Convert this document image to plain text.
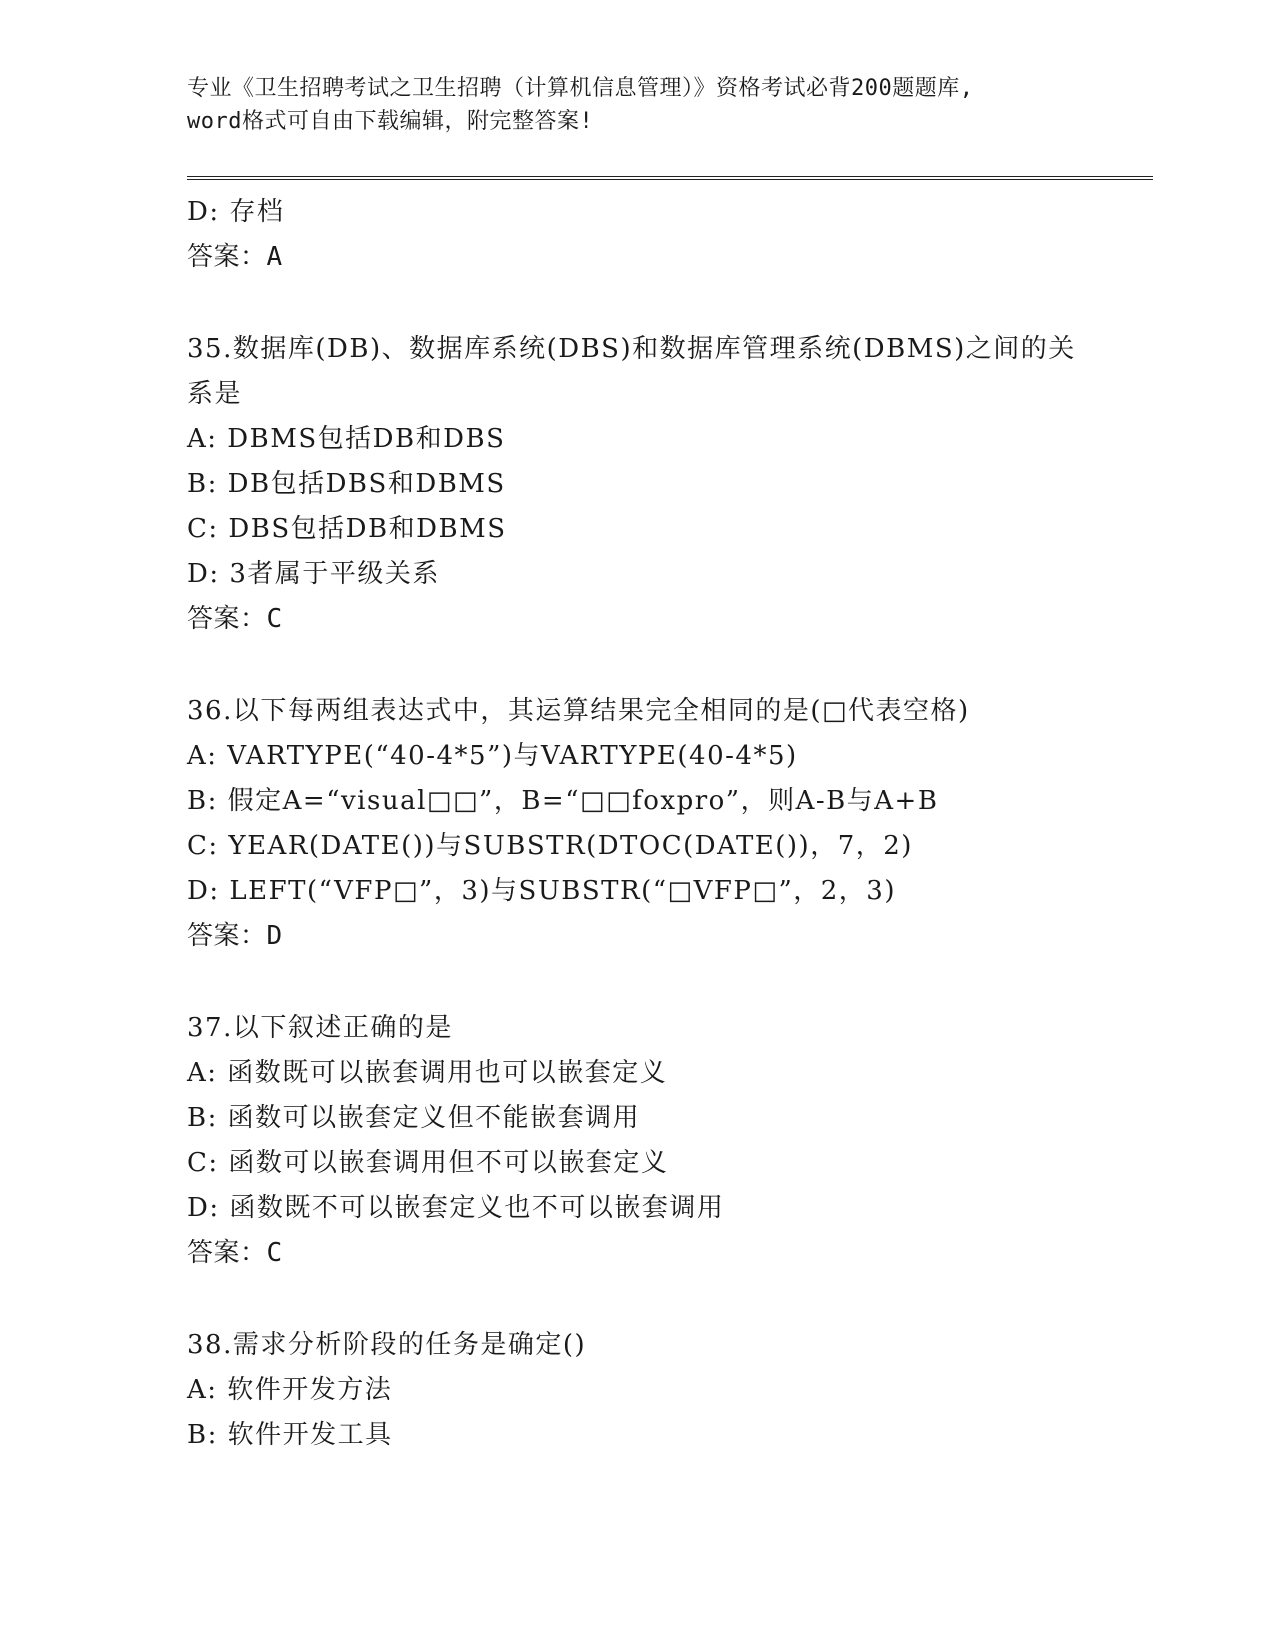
专业《卫生招聘考试之卫生招聘（计算机信息管理）》资格考试必背200题题库,
word格式可自由下载编辑，附完整答案!
D: 存档
答案：A
35.数据库(DB)、数据库系统(DBS)和数据库管理系统(DBMS)之间的关
系是
A: DBMS包括DB和DBS
B: DB包括DBS和DBMS
C: DBS包括DB和DBMS
D: 3者属于平级关系
答案：C
36.以下每两组表达式中，其运算结果完全相同的是(□代表空格)
A: VARTYPE(“40-4*5”)与VARTYPE(40-4*5)
B: 假定A=“visual□□”，B=“□□foxpro”，则A-B与A+B
C: YEAR(DATE())与SUBSTR(DTOC(DATE())，7，2)
D: LEFT(“VFP□”，3)与SUBSTR(“□VFP□”，2，3)
答案：D
37.以下叙述正确的是
A: 函数既可以嵌套调用也可以嵌套定义
B: 函数可以嵌套定义但不能嵌套调用
C: 函数可以嵌套调用但不可以嵌套定义
D: 函数既不可以嵌套定义也不可以嵌套调用
答案：C
38.需求分析阶段的任务是确定()
A: 软件开发方法
B: 软件开发工具
